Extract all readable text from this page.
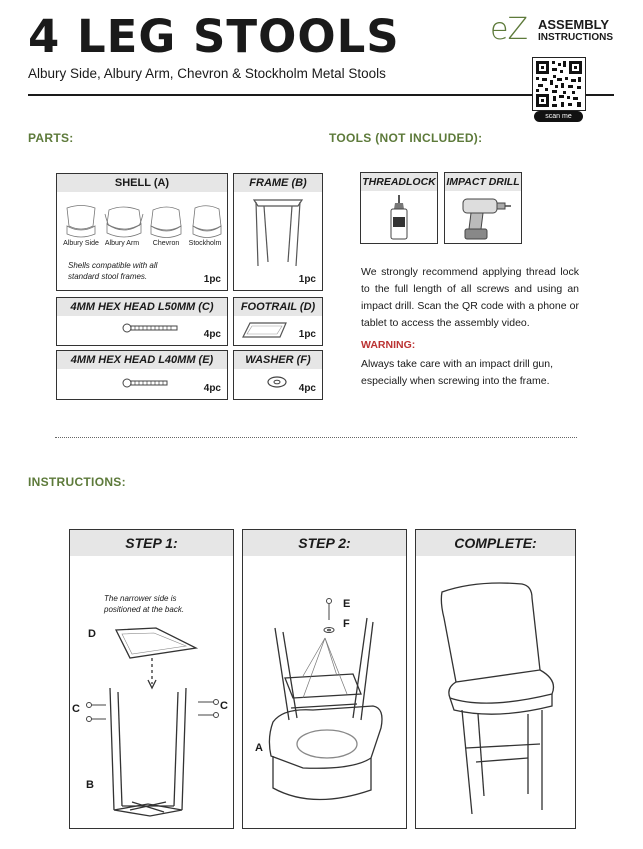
4 LEG STOOLS
Albury Side, Albury Arm, Chevron & Stockholm Metal Stools
eZ ASSEMBLY
INSTRUCTIONS
scan me
PARTS:
SHELL (A)
Albury Side Albury Arm	Chevron	Stockholm
Shells compatible with all standard stool frames.	1pc
FRAME (B)
1pc
4MM HEX HEAD L50MM (C)
4pc
FOOTRAIL (D)
1pc
4MM HEX HEAD L40MM (E)
4pc
WASHER (F)
4pc
TOOLS (NOT INCLUDED):
THREADLOCK IMPACT DRILL
We strongly recommend applying thread lock to the full length of all screws and using an impact drill. Scan the QR code with a phone or tablet to access the assembly video.
WARNING:
Always take care with an impact drill gun, especially when screwing into the frame.
INSTRUCTIONS:
STEP 1:
The narrower side is positioned at the back.
D
C	C
B
STEP 2:
E
F
A
COMPLETE:
